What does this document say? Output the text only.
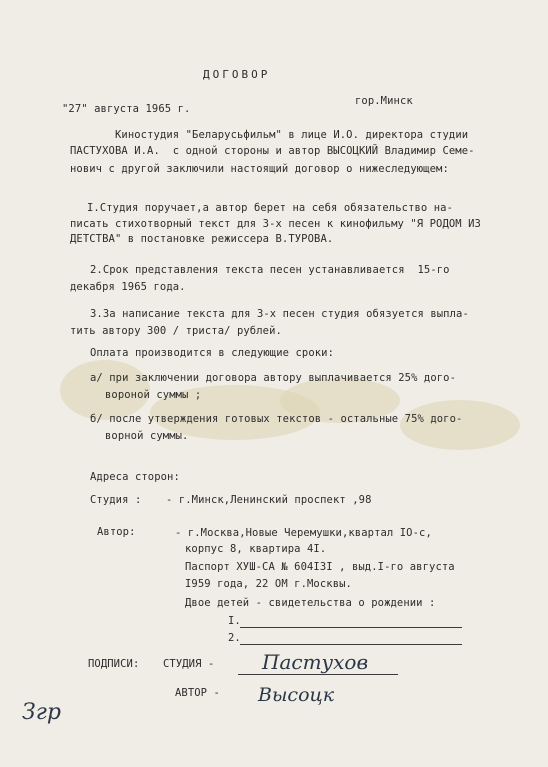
ДОГОВОР
"27" августа 1965 г.
гор.Минск
Киностудия "Беларусьфильм" в лице И.О. директора студии
ПАСТУХОВА И.А.  с одной стороны и автор ВЫСОЦКИЙ Владимир Семе-
нович с другой заключили настоящий договор о нижеследующем:
I.Студия поручает,а автор берет на себя обязательство на-
писать стихотворный текст для 3-х песен к кинофильму "Я РОДОМ ИЗ
ДЕТСТВА" в постановке режиссера В.ТУРОВА.
2.Срок представления текста песен устанавливается  15-го
декабря 1965 года.
3.За написание текста для 3-х песен студия обязуется выпла-
тить автору 300 / триста/ рублей.
Оплата производится в следующие сроки:
а/ при заключении договора автору выплачивается 25% дого-
вороной суммы ;
б/ после утверждения готовых текстов - остальные 75% дого-
ворной суммы.
Адреса сторон:
Студия : - г.Минск,Ленинский проспект ,98
Автор:	- г.Москва,Новые Черемушки,квартал IO-с,
корпус 8, квартира 4I.
Паспорт XУШ-СА № 604I3I , выд.I-го августа
I959 года, 22 ОМ г.Москвы.
Двое детей - свидетельства о рождении :
I.
2.
ПОДПИСИ: СТУДИЯ - Пастухов
АВТОР - Высоцк
Згр
